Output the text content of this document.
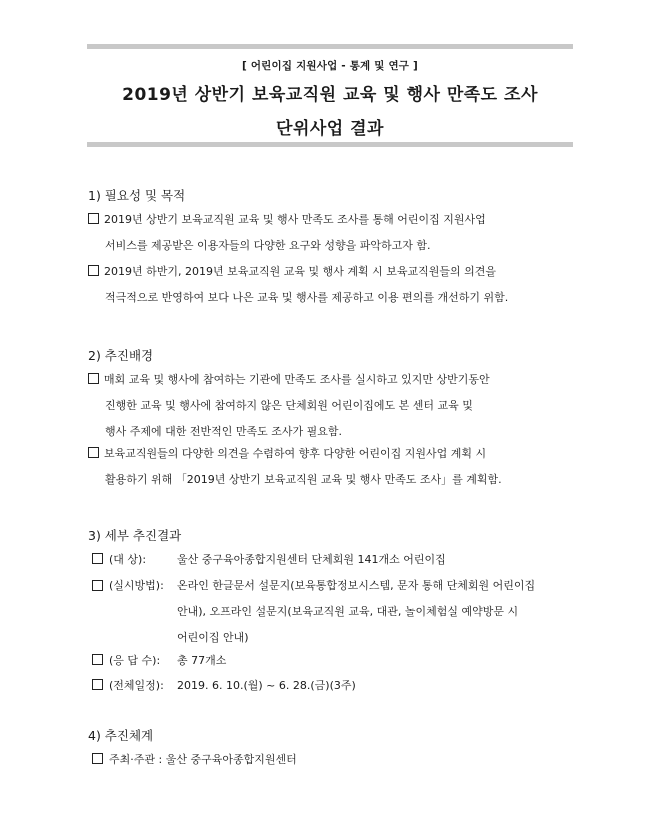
[ 어린이집 지원사업 - 통계 및 연구 ]
2019년 상반기 보육교직원 교육 및 행사 만족도 조사
단위사업 결과
1) 필요성 및 목적
2019년 상반기 보육교직원 교육 및 행사 만족도 조사를 통해 어린이집 지원사업
서비스를 제공받은 이용자들의 다양한 요구와 성향을 파악하고자 함.
2019년 하반기, 2019년 보육교직원 교육 및 행사 계획 시 보육교직원들의 의견을
적극적으로 반영하여 보다 나은 교육 및 행사를 제공하고 이용 편의를 개선하기 위함.
2) 추진배경
매회 교육 및 행사에 참여하는 기관에 만족도 조사를 실시하고 있지만 상반기동안
진행한 교육 및 행사에 참여하지 않은 단체회원 어린이집에도 본 센터 교육 및
행사 주제에 대한 전반적인 만족도 조사가 필요함.
보육교직원들의 다양한 의견을 수렴하여 향후 다양한 어린이집 지원사업 계획 시
활용하기 위해 「2019년 상반기 보육교직원 교육 및 행사 만족도 조사」를 계획함.
3) 세부 추진결과
(대 상):	울산 중구육아종합지원센터 단체회원 141개소 어린이집
(실시방법):	온라인 한글문서 설문지(보육통합정보시스템, 문자 통해 단체회원 어린이집
안내), 오프라인 설문지(보육교직원 교육, 대관, 놀이체험실 예약방문 시
어린이집 안내)
(응 답 수): 총 77개소
(전체일정): 2019. 6. 10.(월) ~ 6. 28.(금)(3주)
4) 추진체계
주최·주관 : 울산 중구육아종합지원센터
